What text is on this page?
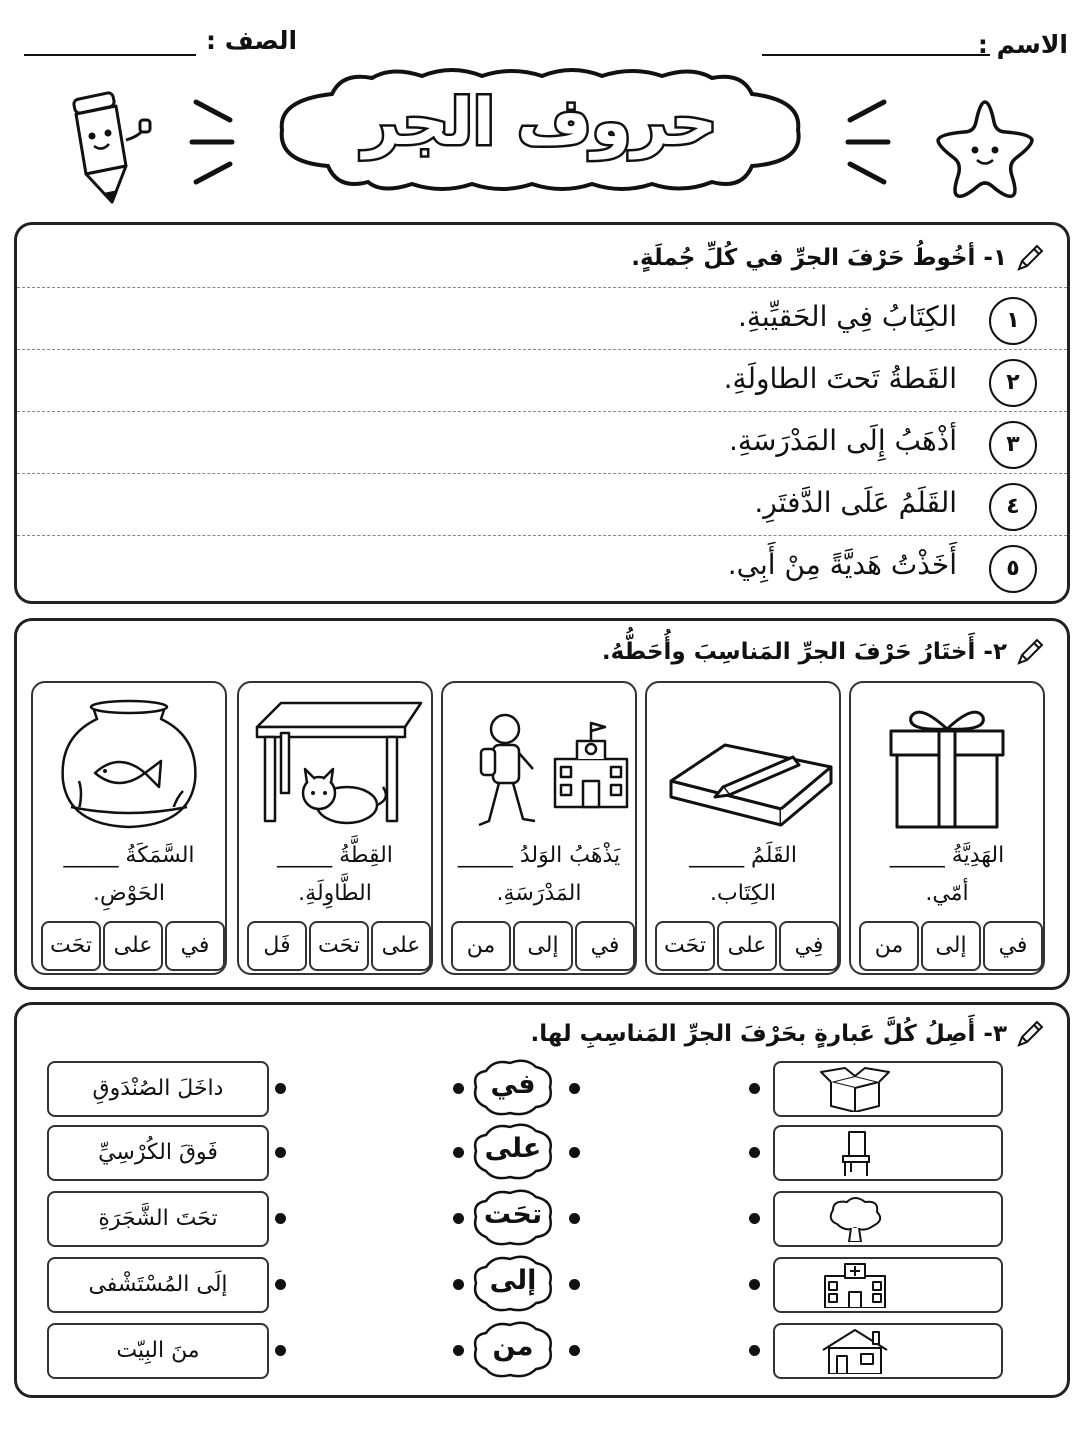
الاسم :
الصف :
حروف الجر
١- أخُوطُ حَرْفَ الجرِّ في كُلِّ جُملَةٍ.
١
الكِتَابُ فِي الحَقيِّبةِ.
٢
القَطةُ تَحتَ الطاولَةِ.
٣
أذْهَبُ إِلَى المَدْرَسَةِ.
٤
القَلَمُ عَلَى الدَّفتَرِ.
٥
أَخَذْتُ هَديَّةً مِنْ أَبِي.
٢- أَختَارُ حَرْفَ الجرِّ المَناسِبَ وأُحَطُّهُ.
الهَدِيَّةُ _____
أمّي.
في
إلى
من
القَلَمُ _____
الكِتَاب.
فِي
على
تحَت
يَذْهَبُ الوَلدُ _____
المَدْرَسَةِ.
في
إلى
من
القِطَّةُ _____
الطَّاوِلَةِ.
على
تحَت
فَل
السَّمَكَةُ _____
الحَوْضِ.
في
على
تحَت
٣- أَصِلُ كُلَّ عَبارةٍ بحَرْفَ الجرِّ المَناسِبِ لها.
في
داخَلَ الصُنْدَوقِ
على
فَوقَ الكُرْسِيِّ
تحَت
تحَتَ الشَّجَرَةِ
إلى
إلَى المُسْتَشْفى
من
منَ البِيّت
